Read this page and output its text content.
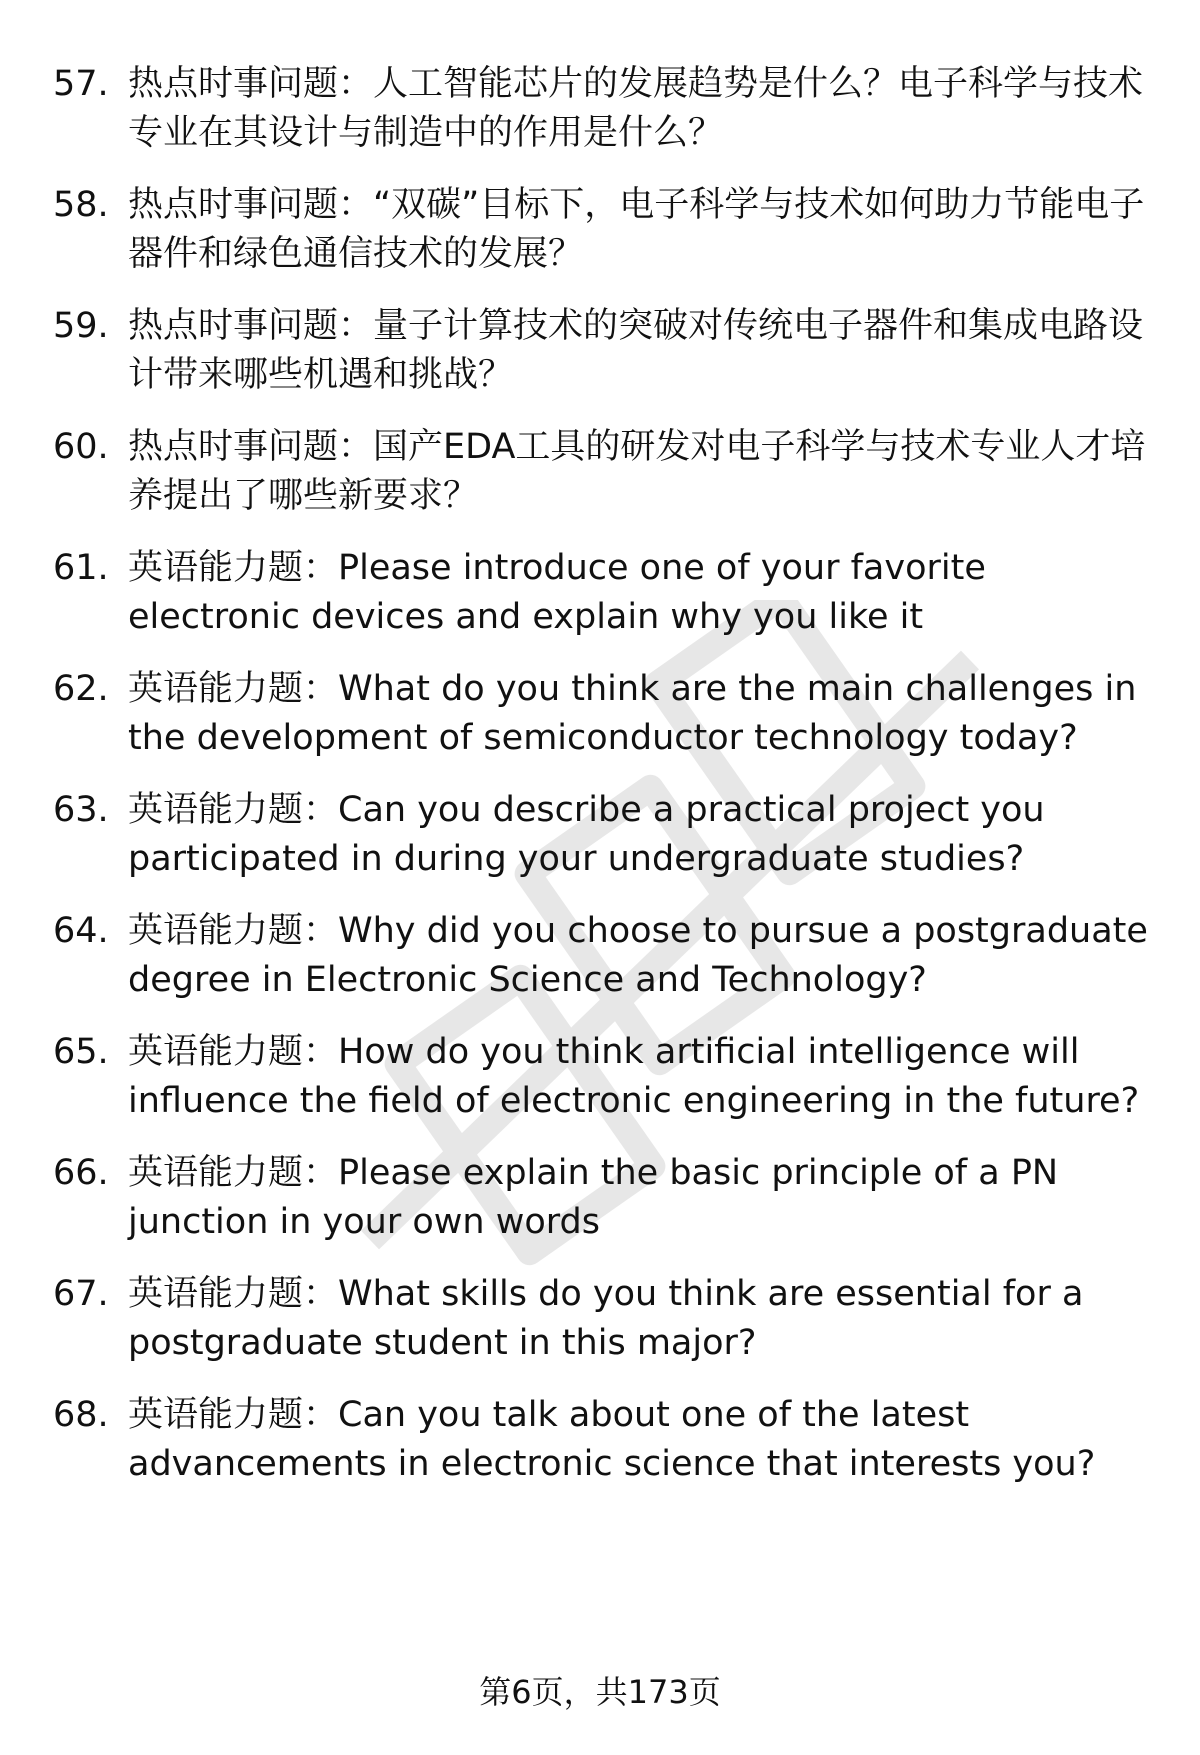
57. 热点时事问题：人工智能芯片的发展趋势是什么？电子科学与技术专业在其设计与制造中的作用是什么？
58. 热点时事问题：“双碳”目标下，电子科学与技术如何助力节能电子器件和绿色通信技术的发展？
59. 热点时事问题：量子计算技术的突破对传统电子器件和集成电路设计带来哪些机遇和挑战？
60. 热点时事问题：国产EDA工具的研发对电子科学与技术专业人才培养提出了哪些新要求？
61. 英语能力题：Please introduce one of your favorite electronic devices and explain why you like it
62. 英语能力题：What do you think are the main challenges in the development of semiconductor technology today?
63. 英语能力题：Can you describe a practical project you participated in during your undergraduate studies?
64. 英语能力题：Why did you choose to pursue a postgraduate degree in Electronic Science and Technology?
65. 英语能力题：How do you think artificial intelligence will influence the field of electronic engineering in the future?
66. 英语能力题：Please explain the basic principle of a PN junction in your own words
67. 英语能力题：What skills do you think are essential for a postgraduate student in this major?
68. 英语能力题：Can you talk about one of the latest advancements in electronic science that interests you?
第6页，共173页
